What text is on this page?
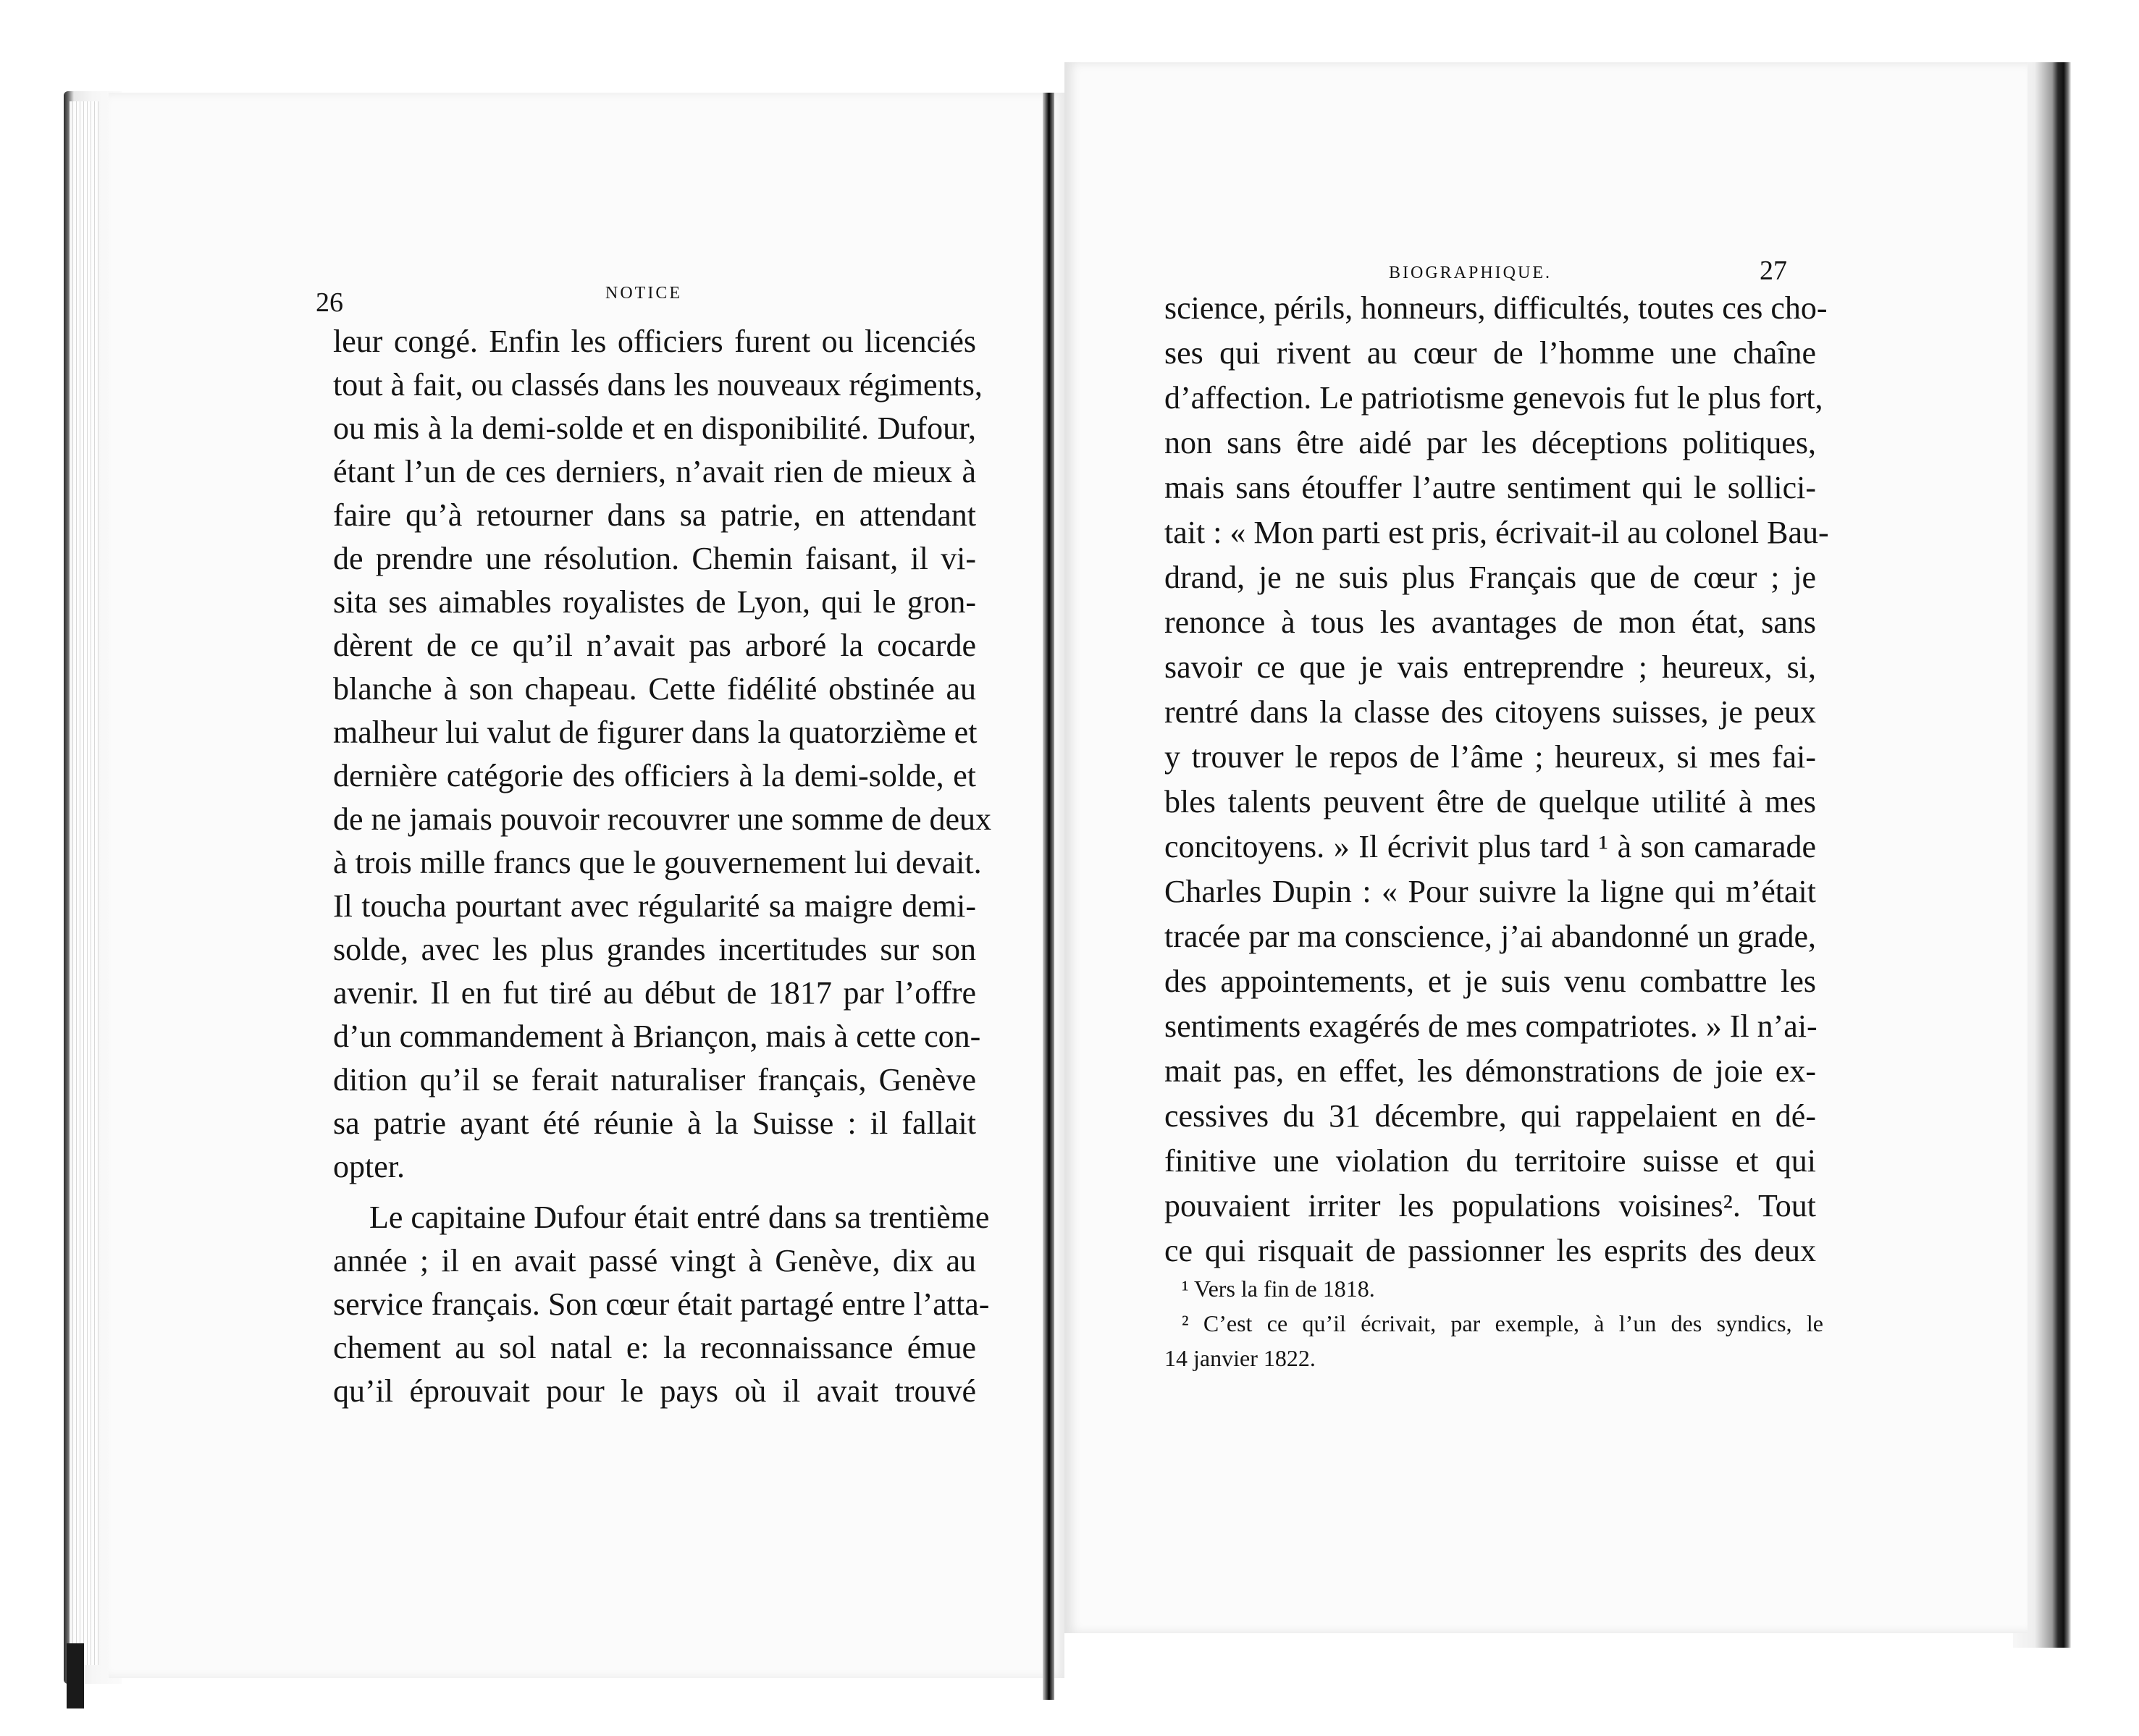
26	NOTICE
leur congé. Enfin les officiers furent ou licenciés
tout à fait, ou classés dans les nouveaux régiments,
ou mis à la demi-solde et en disponibilité. Dufour,
étant l’un de ces derniers, n’avait rien de mieux à
faire qu’à retourner dans sa patrie, en attendant
de prendre une résolution. Chemin faisant, il vi-
sita ses aimables royalistes de Lyon, qui le gron-
dèrent de ce qu’il n’avait pas arboré la cocarde
blanche à son chapeau. Cette fidélité obstinée au
malheur lui valut de figurer dans la quatorzième et
dernière catégorie des officiers à la demi-solde, et
de ne jamais pouvoir recouvrer une somme de deux
à trois mille francs que le gouvernement lui devait.
Il toucha pourtant avec régularité sa maigre demi-
solde, avec les plus grandes incertitudes sur son
avenir. Il en fut tiré au début de 1817 par l’offre
d’un commandement à Briançon, mais à cette con-
dition qu’il se ferait naturaliser français, Genève
sa patrie ayant été réunie à la Suisse : il fallait
opter.
Le capitaine Dufour était entré dans sa trentième
année ; il en avait passé vingt à Genève, dix au
service français. Son cœur était partagé entre l’atta-
chement au sol natal e: la reconnaissance émue
qu’il éprouvait pour le pays où il avait trouvé
BIOGRAPHIQUE.	27
science, périls, honneurs, difficultés, toutes ces cho-
ses qui rivent au cœur de l’homme une chaîne
d’affection. Le patriotisme genevois fut le plus fort,
non sans être aidé par les déceptions politiques,
mais sans étouffer l’autre sentiment qui le sollici-
tait : « Mon parti est pris, écrivait-il au colonel Bau-
drand, je ne suis plus Français que de cœur ; je
renonce à tous les avantages de mon état, sans
savoir ce que je vais entreprendre ; heureux, si,
rentré dans la classe des citoyens suisses, je peux
y trouver le repos de l’âme ; heureux, si mes fai-
bles talents peuvent être de quelque utilité à mes
concitoyens. » Il écrivit plus tard ¹ à son camarade
Charles Dupin : « Pour suivre la ligne qui m’était
tracée par ma conscience, j’ai abandonné un grade,
des appointements, et je suis venu combattre les
sentiments exagérés de mes compatriotes. » Il n’ai-
mait pas, en effet, les démonstrations de joie ex-
cessives du 31 décembre, qui rappelaient en dé-
finitive une violation du territoire suisse et qui
pouvaient irriter les populations voisines². Tout
ce qui risquait de passionner les esprits des deux
¹ Vers la fin de 1818.
² C’est ce qu’il écrivait, par exemple, à l’un des syndics, le
14 janvier 1822.
